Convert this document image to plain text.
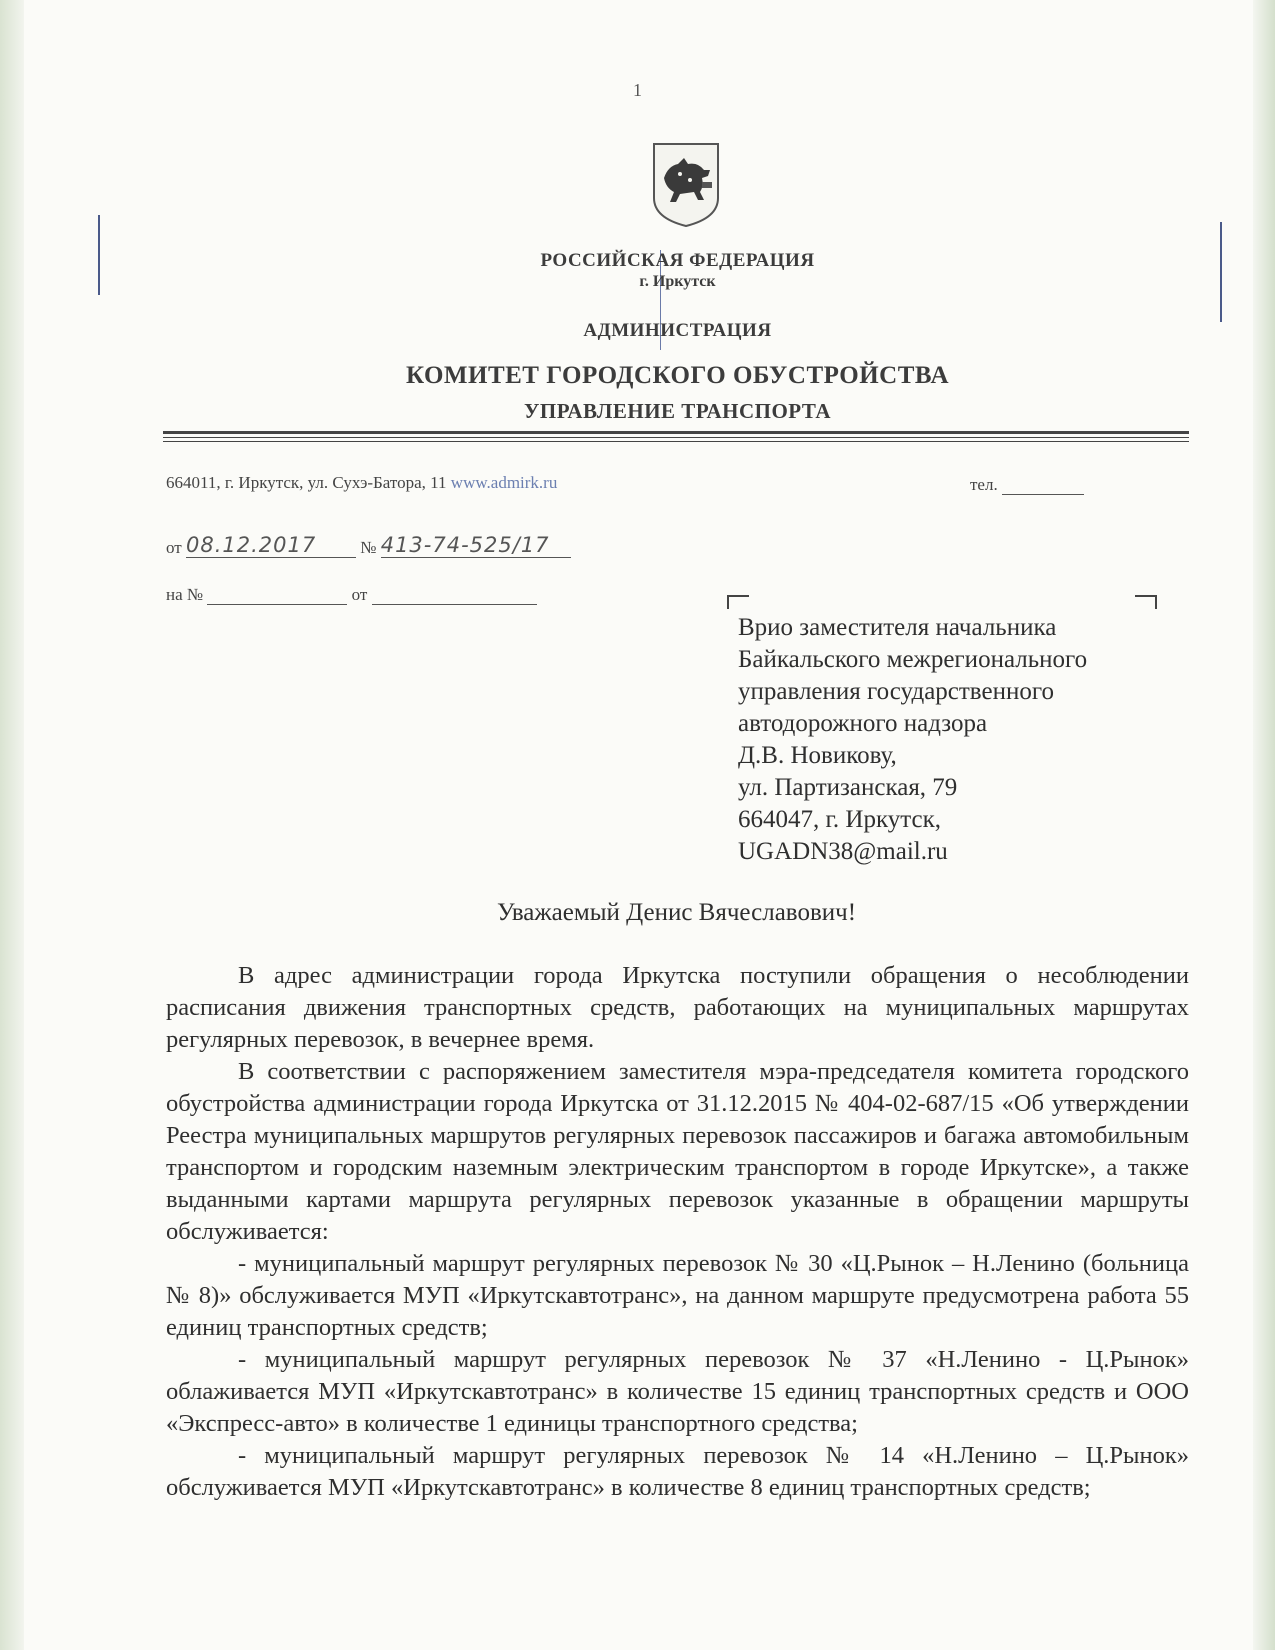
1
РОССИЙСКАЯ ФЕДЕРАЦИЯ
г. Иркутск
АДМИНИСТРАЦИЯ
КОМИТЕТ ГОРОДСКОГО ОБУСТРОЙСТВА
УПРАВЛЕНИЕ ТРАНСПОРТА
664011, г. Иркутск, ул. Сухэ-Батора, 11 www.admirk.ru	тел.
от 08.12.2017	№ 413-74-525/17
на №	от
Врио заместителя начальника
Байкальского межрегионального
управления государственного
автодорожного надзора
Д.В. Новикову,
ул. Партизанская, 79
664047, г. Иркутск,
UGADN38@mail.ru
Уважаемый Денис Вячеславович!

В адрес администрации города Иркутска поступили обращения о несоблюдении расписания движения транспортных средств, работающих на муниципальных маршрутах регулярных перевозок, в вечернее время.

В соответствии с распоряжением заместителя мэра-председателя комитета городского обустройства администрации города Иркутска от 31.12.2015 № 404-02-687/15 «Об утверждении Реестра муниципальных маршрутов регулярных перевозок пассажиров и багажа автомобильным транспортом и городским наземным электрическим транспортом в городе Иркутске», а также выданными картами маршрута регулярных перевозок указанные в обращении маршруты обслуживается:

- муниципальный маршрут регулярных перевозок № 30 «Ц.Рынок – Н.Ленино (больница № 8)» обслуживается МУП «Иркутскавтотранс», на данном маршруте предусмотрена работа 55 единиц транспортных средств;

- муниципальный маршрут регулярных перевозок № 37 «Н.Ленино - Ц.Рынок» облаживается МУП «Иркутскавтотранс» в количестве 15 единиц транспортных средств и ООО «Экспресс-авто» в количестве 1 единицы транспортного средства;

- муниципальный маршрут регулярных перевозок № 14 «Н.Ленино – Ц.Рынок» обслуживается МУП «Иркутскавтотранс» в количестве 8 единиц транспортных средств;
